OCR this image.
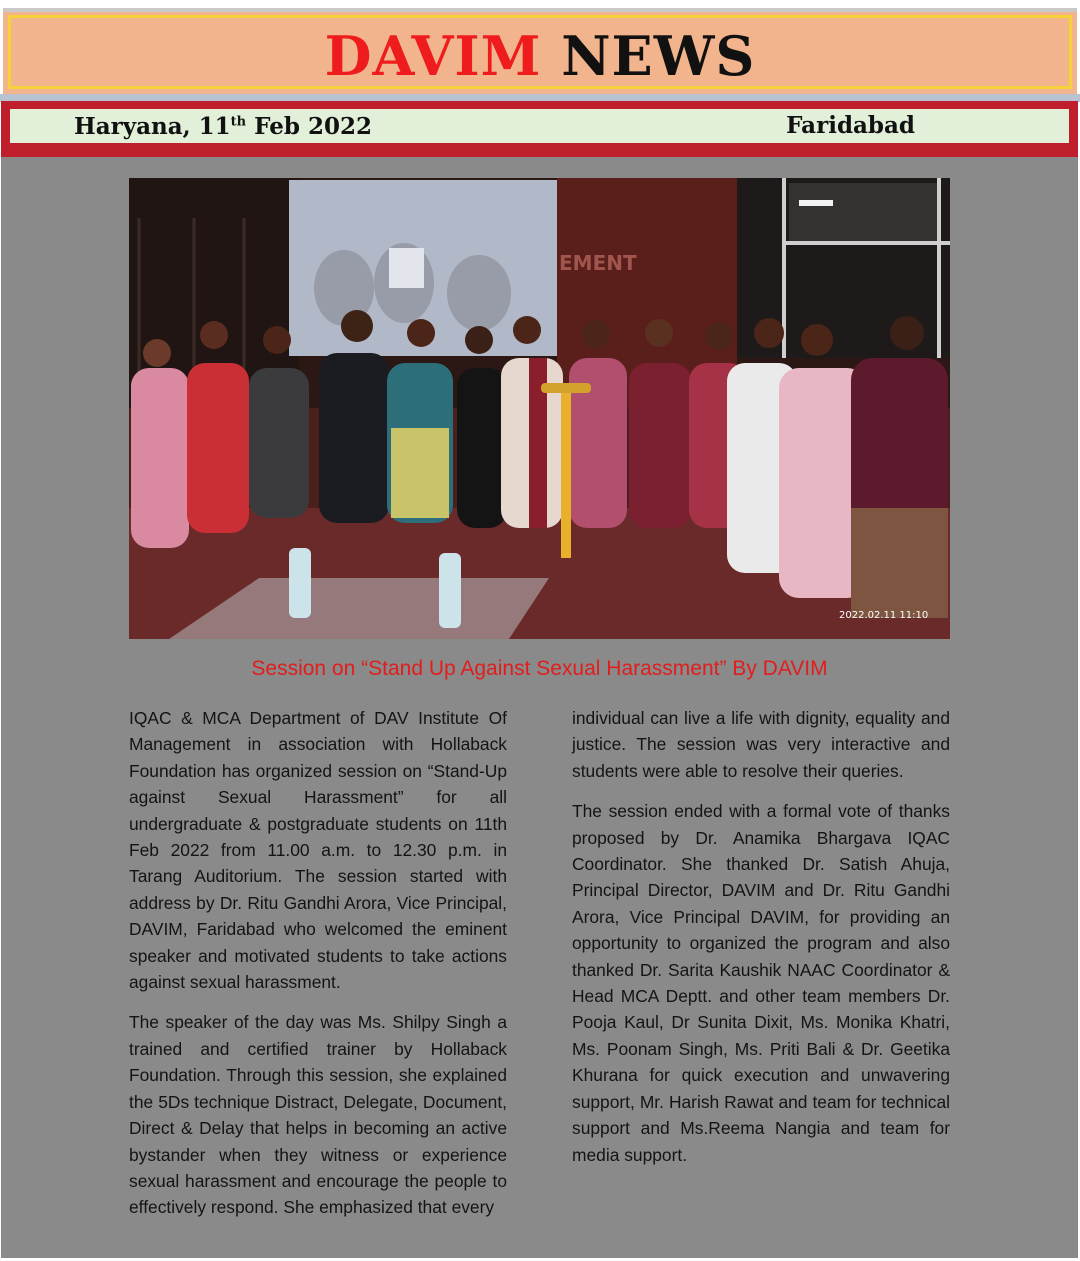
DAVIM NEWS
Haryana, 11th Feb 2022	Faridabad
EMENT
2022.02.11 11:10
Session on “Stand Up Against Sexual Harassment” By DAVIM

IQAC & MCA Department of DAV Institute Of Management in association with Hollaback Foundation has organized session on “Stand-Up against Sexual Harassment” for all undergraduate & postgraduate students on 11th Feb 2022 from 11.00 a.m. to 12.30 p.m. in Tarang Auditorium. The session started with address by Dr. Ritu Gandhi Arora, Vice Principal, DAVIM, Faridabad who welcomed the eminent speaker and motivated students to take actions against sexual harassment.

The speaker of the day was Ms. Shilpy Singh a trained and certified trainer by Hollaback Foundation. Through this session, she explained the 5Ds technique Distract, Delegate, Document, Direct & Delay that helps in becoming an active bystander when they witness or experience sexual harassment and encourage the people to effectively respond. She emphasized that every

individual can live a life with dignity, equality and justice. The session was very interactive and students were able to resolve their queries.

The session ended with a formal vote of thanks proposed by Dr. Anamika Bhargava IQAC Coordinator. She thanked Dr. Satish Ahuja, Principal Director, DAVIM and Dr. Ritu Gandhi Arora, Vice Principal DAVIM, for providing an opportunity to organized the program and also thanked Dr. Sarita Kaushik NAAC Coordinator & Head MCA Deptt. and other team members Dr. Pooja Kaul, Dr Sunita Dixit, Ms. Monika Khatri, Ms. Poonam Singh, Ms. Priti Bali & Dr. Geetika Khurana for quick execution and unwavering support, Mr. Harish Rawat and team for technical support and Ms.Reema Nangia and team for media support.
